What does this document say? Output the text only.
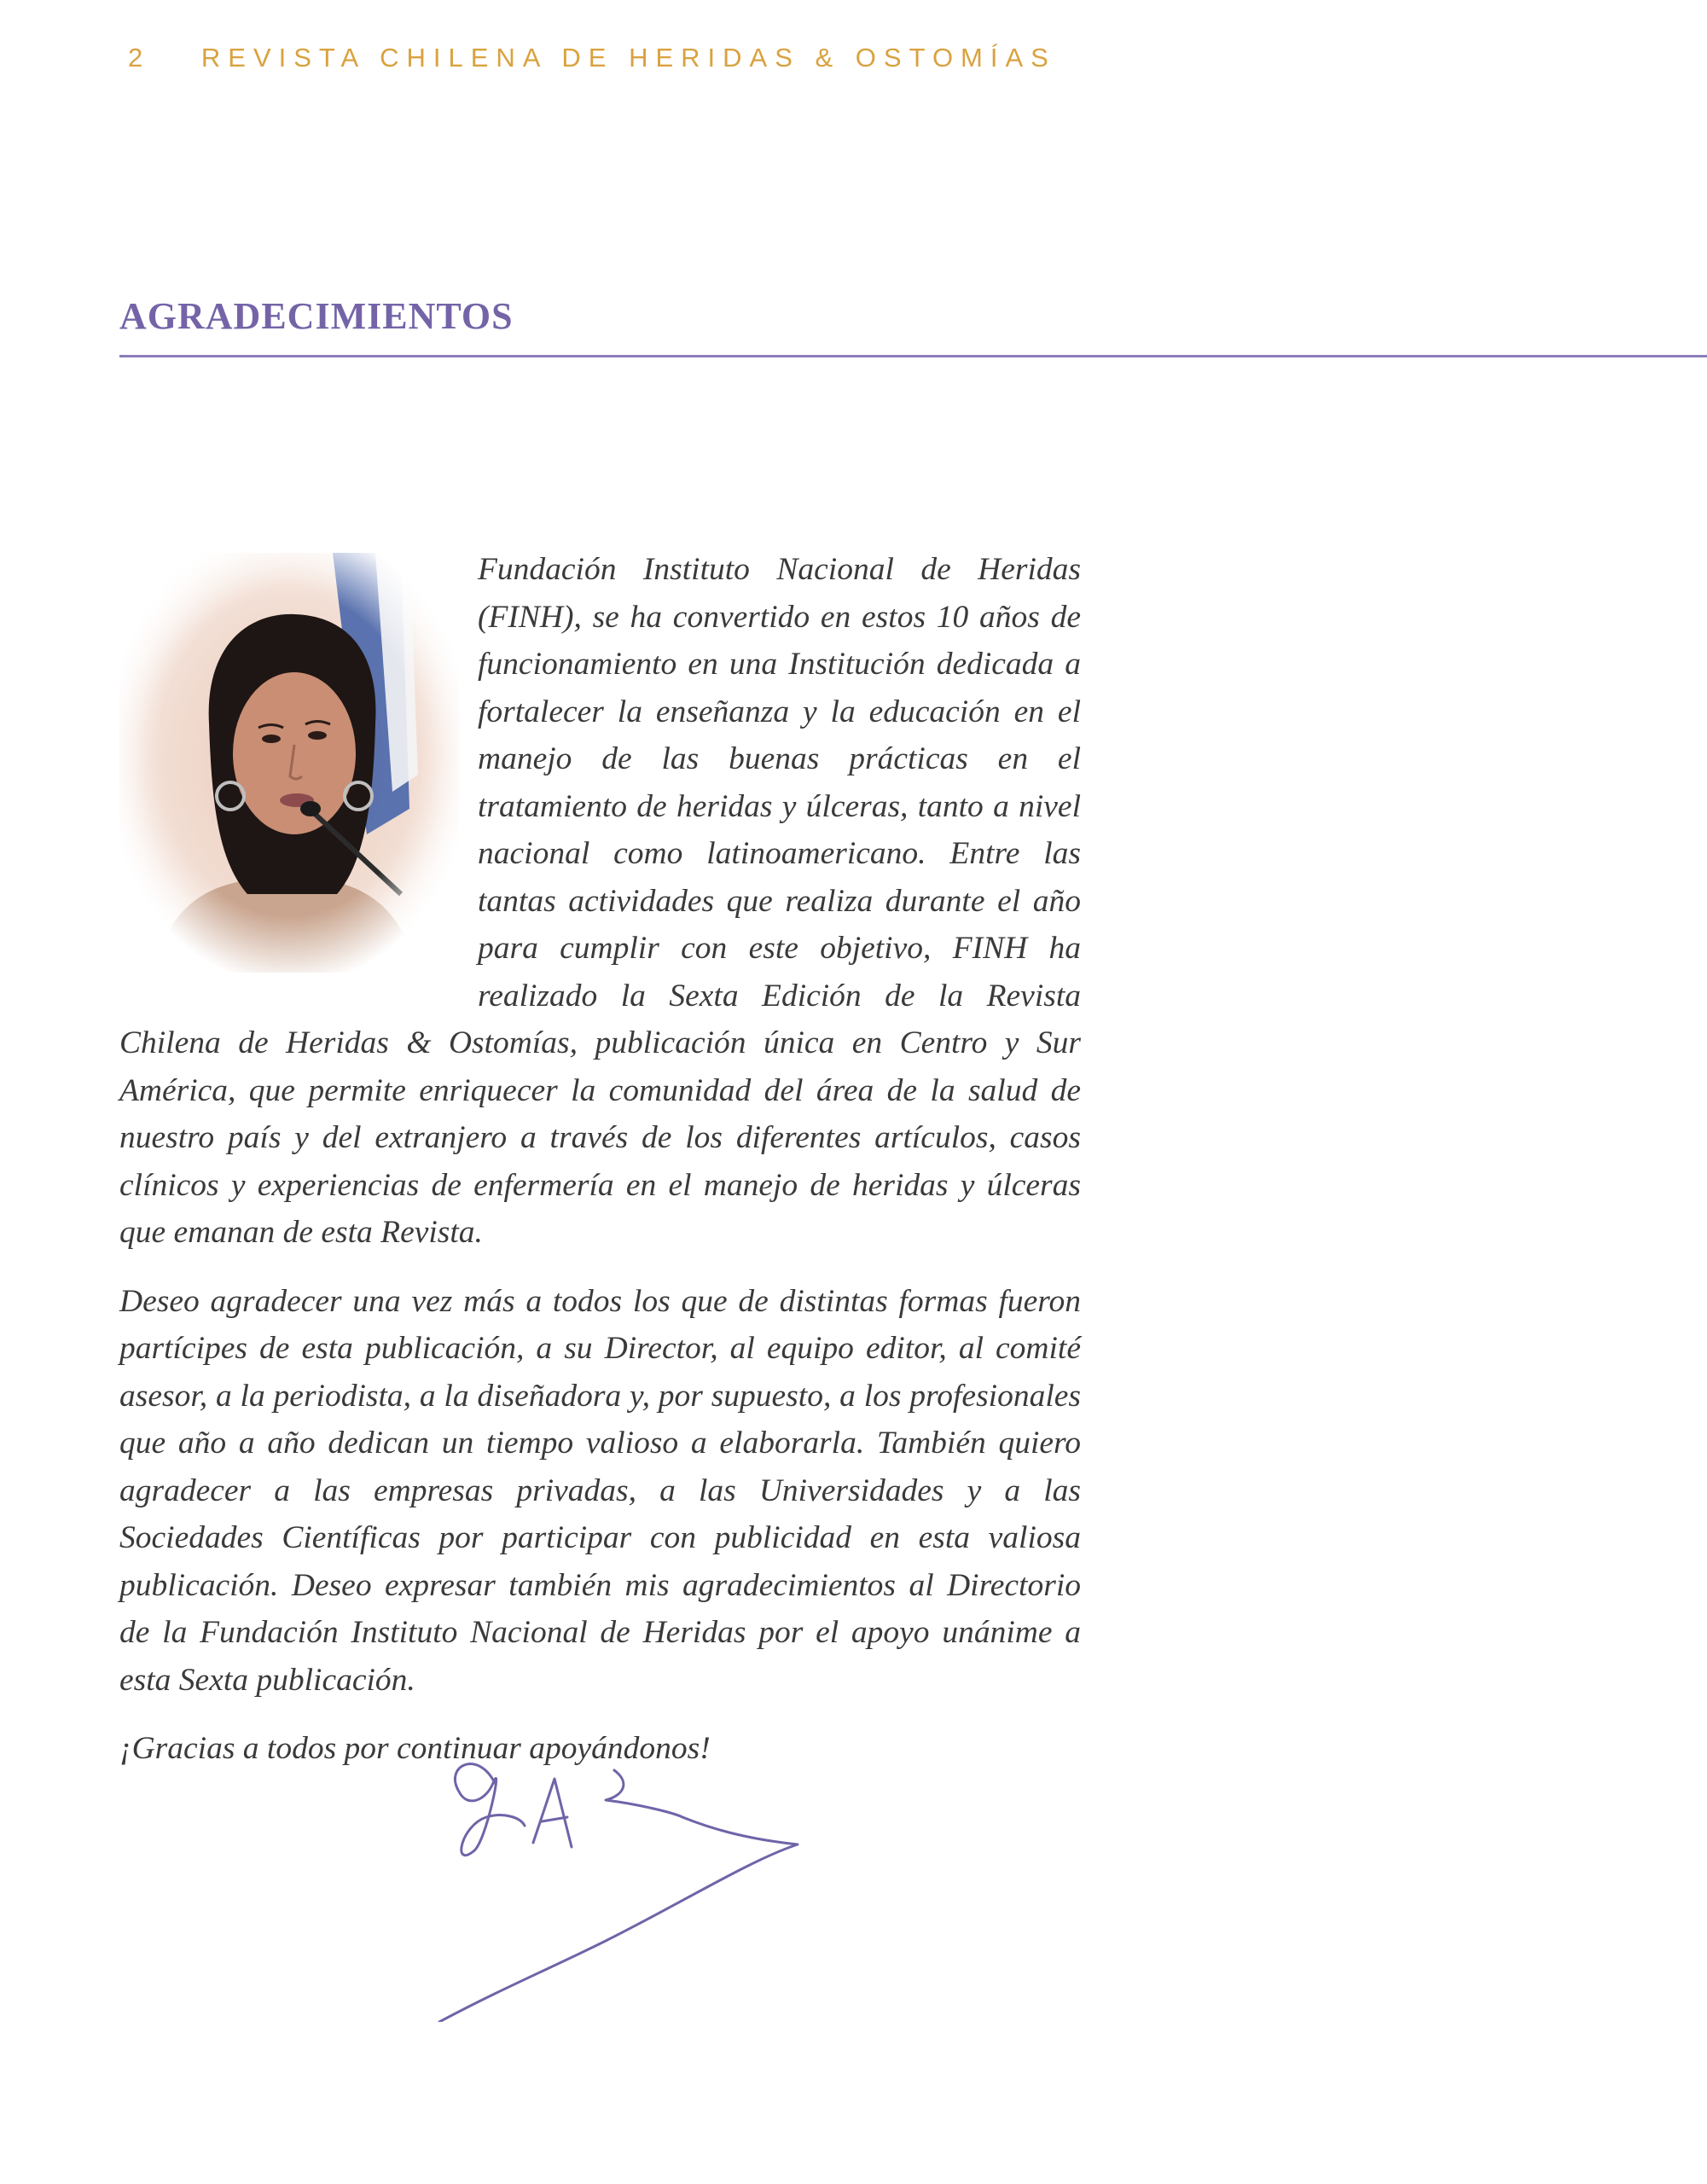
2 REVISTA CHILENA DE HERIDAS & OSTOMÍAS
AGRADECIMIENTOS

Fundación Instituto Nacional de Heridas (FINH), se ha convertido en estos 10 años de funcionamiento en una Institución dedicada a fortalecer la enseñanza y la educación en el manejo de las buenas prácticas en el tratamiento de heridas y úlceras, tanto a nivel nacional como latinoamericano. Entre las tantas actividades que realiza durante el año para cumplir con este objetivo, FINH ha realizado la Sexta Edición de la Revista Chilena de Heridas & Ostomías, publicación única en Centro y Sur América, que permite enriquecer la comunidad del área de la salud de nuestro país y del extranjero a través de los diferentes artículos, casos clínicos y experiencias de enfermería en el manejo de heridas y úlceras que emanan de esta Revista.

Deseo agradecer una vez más a todos los que de distintas formas fueron partícipes de esta publicación, a su Director, al equipo editor, al comité asesor, a la periodista, a la diseñadora y, por supuesto, a los profesionales que año a año dedican un tiempo valioso a elaborarla. También quiero agradecer a las empresas privadas, a las Universidades y a las Sociedades Científicas por participar con publicidad en esta valiosa publicación. Deseo expresar también mis agradecimientos al Directorio de la Fundación Instituto Nacional de Heridas por el apoyo unánime a esta Sexta publicación.

¡Gracias a todos por continuar apoyándonos!
